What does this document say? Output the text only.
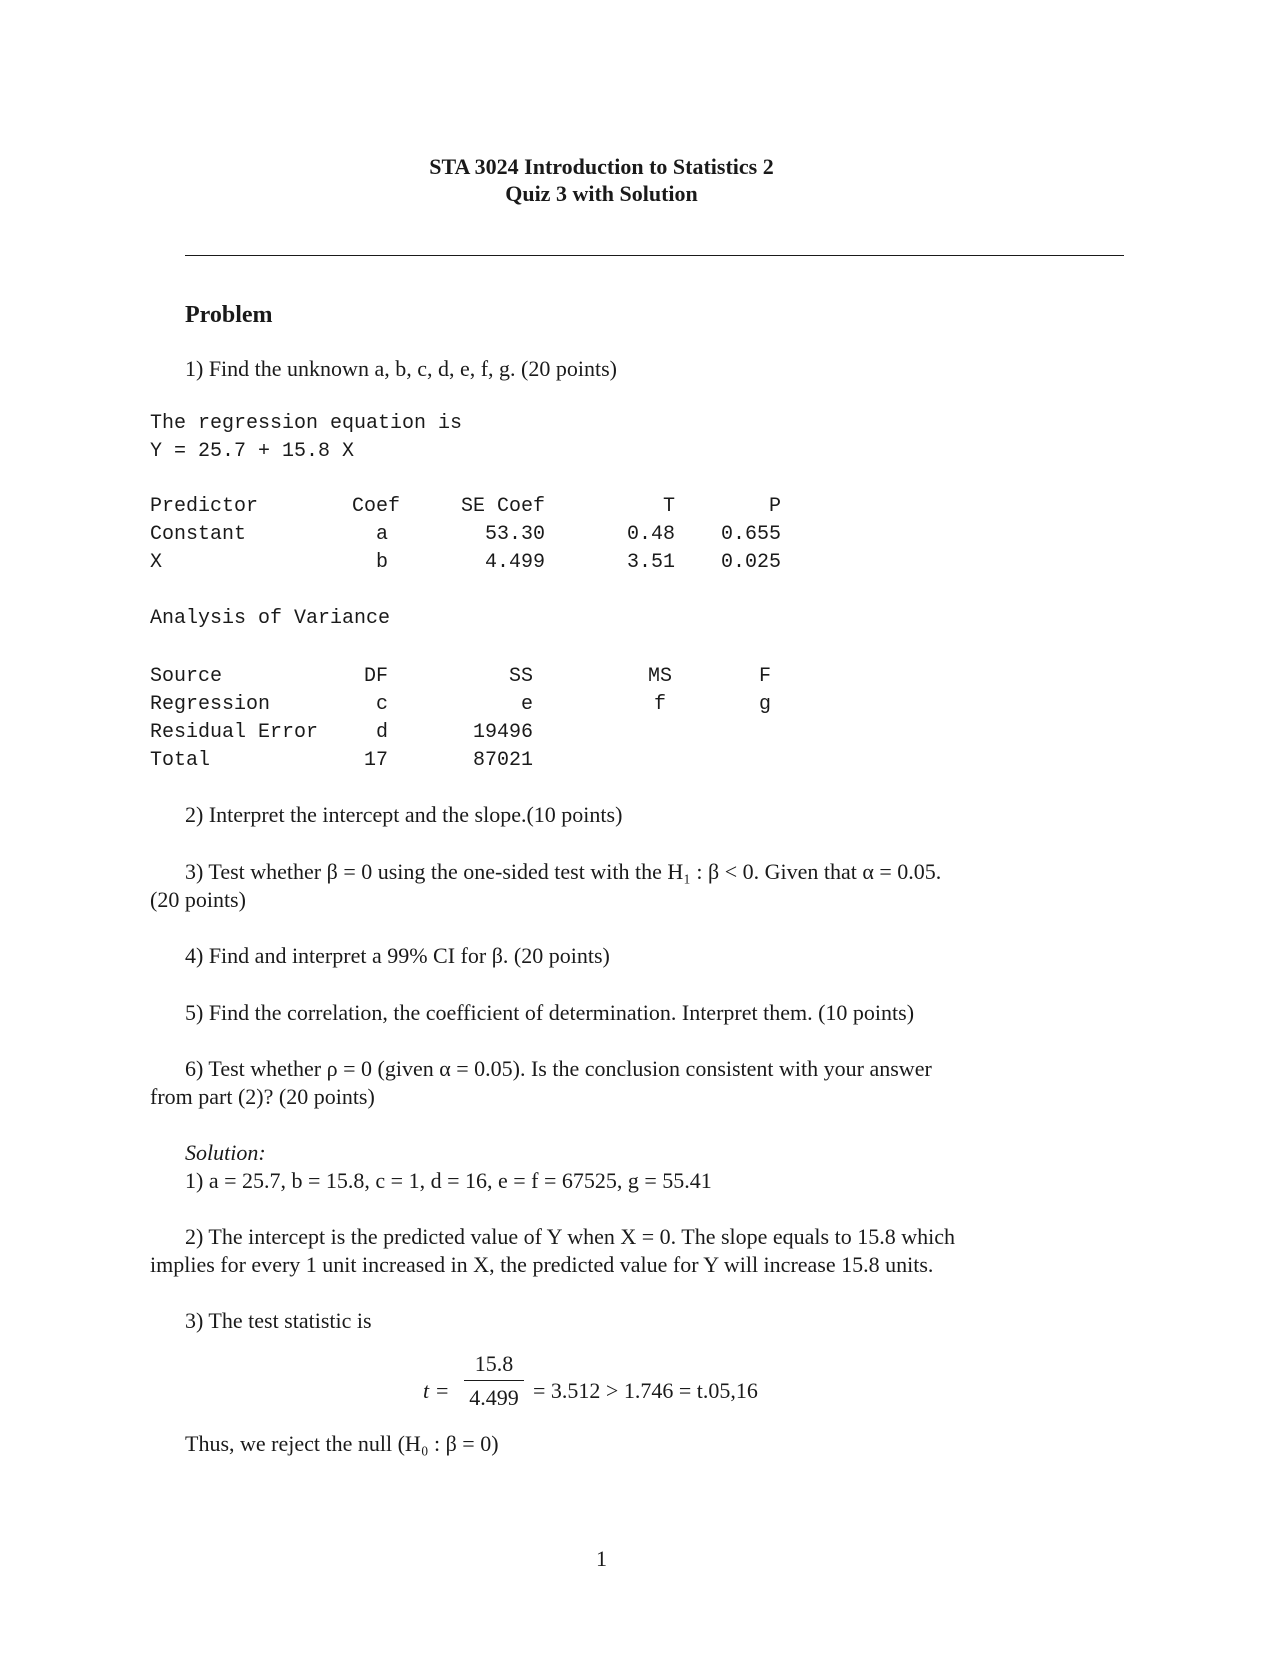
STA 3024 Introduction to Statistics 2
Quiz 3 with Solution
Problem
1) Find the unknown a, b, c, d, e, f, g. (20 points)
The regression equation is
Y = 25.7 + 15.8 X
Predictor	Coef	SE Coef	T	P
Constant	a	53.30	0.48	0.655
X	b	4.499	3.51	0.025
Analysis of Variance
Source	DF	SS	MS	F
Regression	c	e	f	g
Residual Error	d	19496
Total	17	87021
2) Interpret the intercept and the slope.(10 points)
3) Test whether β = 0 using the one-sided test with the H₁ : β < 0. Given that α = 0.05.
(20 points)
4) Find and interpret a 99% CI for β. (20 points)
5) Find the correlation, the coefficient of determination. Interpret them. (10 points)
6) Test whether ρ = 0 (given α = 0.05). Is the conclusion consistent with your answer
from part (2)? (20 points)
Solution:
1) a = 25.7, b = 15.8, c = 1, d = 16, e = f = 67525, g = 55.41
2) The intercept is the predicted value of Y when X = 0. The slope equals to 15.8 which
implies for every 1 unit increased in X, the predicted value for Y will increase 15.8 units.
3) The test statistic is
t =
15.8
4.499 = 3.512 > 1.746 = t.05,16
Thus, we reject the null (H₀ : β = 0)
1
